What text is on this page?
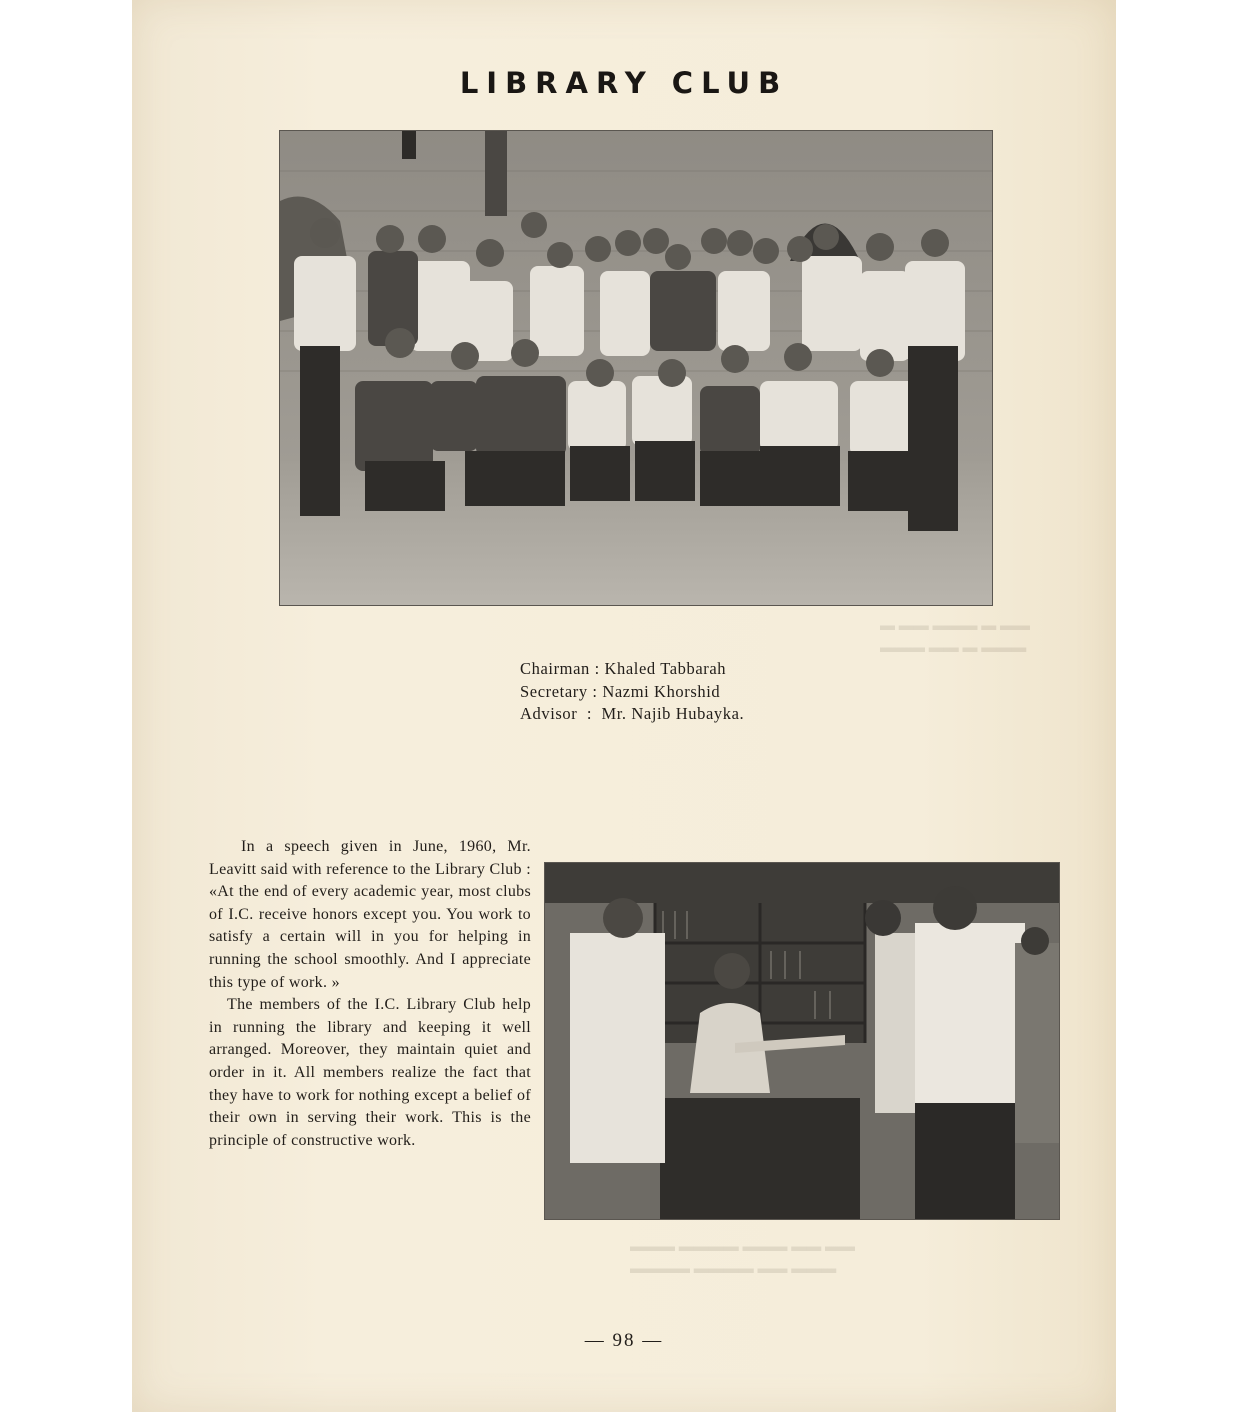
▬ ▬▬ ▬▬▬ ▬ ▬▬
▬▬▬ ▬▬ ▬ ▬▬▬
▬▬▬ ▬▬▬▬ ▬▬▬ ▬▬ ▬▬
▬▬▬▬ ▬▬▬▬ ▬▬ ▬▬▬
LIBRARY CLUB
Chairman : Khaled Tabbarah
Secretary : Nazmi Khorshid
Advisor  :  Mr. Najib Hubayka.

In a speech given in June, 1960, Mr. Leavitt said with reference to the Library Club : «At the end of every academic year, most clubs of I.C. receive honors except you. You work to satisfy a certain will in you for helping in running the school smoothly. And I appreciate this type of work. »

The members of the I.C. Library Club help in running the library and keeping it well arranged. Moreover, they maintain quiet and order in it. All members realize the fact that they have to work for nothing except a belief of their own in serving their work. This is the principle of constructive work.

— 98 —
